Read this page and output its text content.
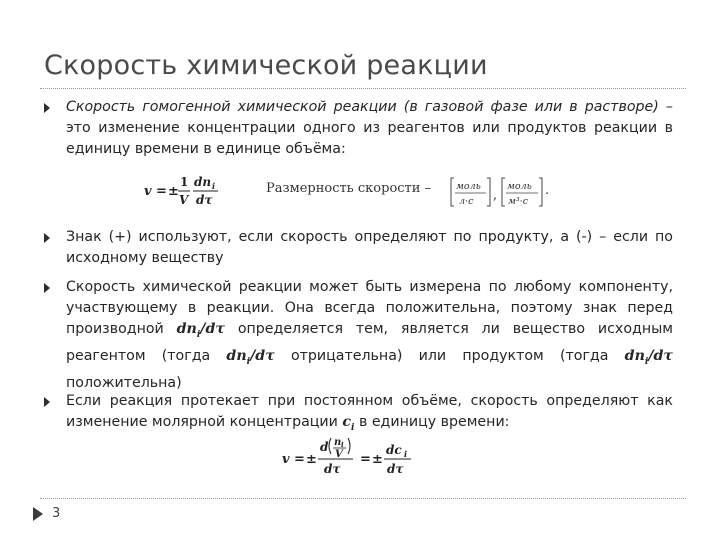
Скорость химической реакции
Скорость гомогенной химической реакции (в газовой фазе или в растворе) – это изменение концентрации одного из реагентов или продуктов реакции в единицу времени в единице объёма:
v = ±
1
V
dn i
dτ
Размерность скорости –	моль
л·с ,
моль
м³·с
.
Знак (+) используют, если скорость определяют по продукту, а (-) – если по исходному веществу
Скорость химической реакции может быть измерена по любому компоненту, участвующему в реакции. Она всегда положительна, поэтому знак перед производной $dn_i/d\tau$ определяется тем, является ли вещество исходным реагентом (тогда $dn_i/d\tau$ отрицательна) или продуктом (тогда $dn_i/d\tau$ положительна)
Если реакция протекает при постоянном объёме, скорость определяют как изменение молярной концентрации $c_i$ в единицу времени:
v = ±
d n i
V
dτ
= ±
dc i
dτ
3
